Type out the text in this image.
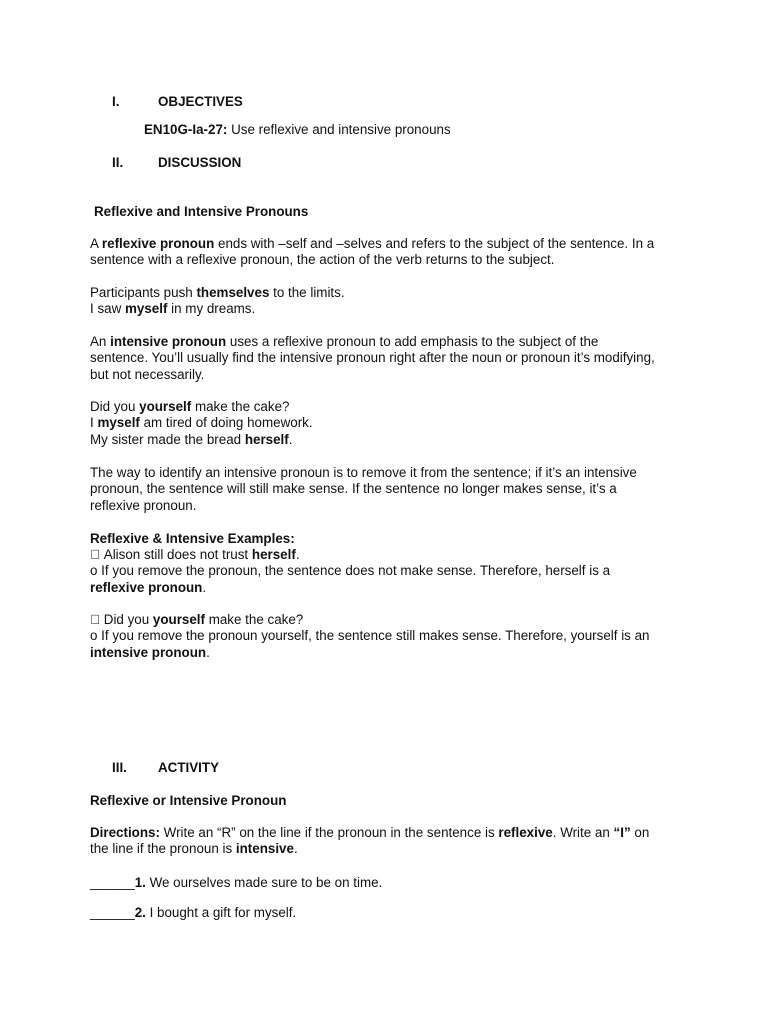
I.	OBJECTIVES
EN10G-Ia-27: Use reflexive and intensive pronouns
II.	DISCUSSION
Reflexive and Intensive Pronouns
A reflexive pronoun ends with –self and –selves and refers to the subject of the sentence. In a
sentence with a reflexive pronoun, the action of the verb returns to the subject.
Participants push themselves to the limits.
I saw myself in my dreams.
An intensive pronoun uses a reflexive pronoun to add emphasis to the subject of the
sentence. You’ll usually find the intensive pronoun right after the noun or pronoun it’s modifying,
but not necessarily.
Did you yourself make the cake?
I myself am tired of doing homework.
My sister made the bread herself.
The way to identify an intensive pronoun is to remove it from the sentence; if it’s an intensive
pronoun, the sentence will still make sense. If the sentence no longer makes sense, it’s a
reflexive pronoun.
Reflexive & Intensive Examples:
Alison still does not trust herself.
o If you remove the pronoun, the sentence does not make sense. Therefore, herself is a
reflexive pronoun.
Did you yourself make the cake?
o If you remove the pronoun yourself, the sentence still makes sense. Therefore, yourself is an
intensive pronoun.
III. ACTIVITY
Reflexive or Intensive Pronoun
Directions: Write an “R” on the line if the pronoun in the sentence is reflexive. Write an “I” on
the line if the pronoun is intensive.
______1. We ourselves made sure to be on time.
______2. I bought a gift for myself.
